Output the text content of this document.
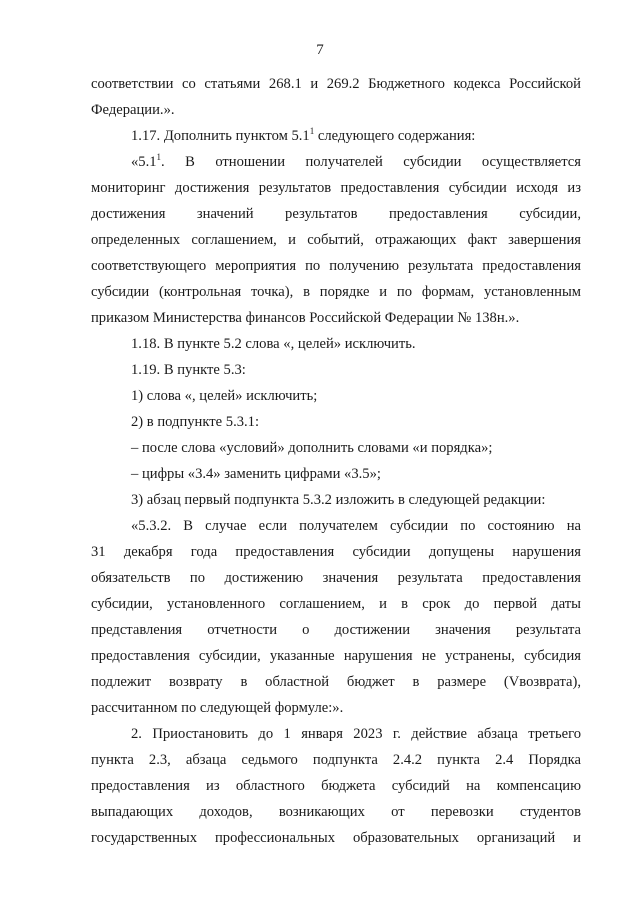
7
соответствии со статьями 268.1 и 269.2 Бюджетного кодекса Российской
Федерации.».
1.17. Дополнить пунктом $5.1^1$ следующего содержания:
«$5.1^1$. В отношении получателей субсидии осуществляется
мониторинг достижения результатов предоставления субсидии исходя из
достижения значений результатов предоставления субсидии,
определенных соглашением, и событий, отражающих факт завершения
соответствующего мероприятия по получению результата предоставления
субсидии (контрольная точка), в порядке и по формам, установленным
приказом Министерства финансов Российской Федерации № 138н.».
1.18. В пункте 5.2 слова «, целей» исключить.
1.19. В пункте 5.3:
1) слова «, целей» исключить;
2) в подпункте 5.3.1:
– после слова «условий» дополнить словами «и порядка»;
– цифры «3.4» заменить цифрами «3.5»;
3) абзац первый подпункта 5.3.2 изложить в следующей редакции:
«5.3.2. В случае если получателем субсидии по состоянию на
31 декабря года предоставления субсидии допущены нарушения
обязательств по достижению значения результата предоставления
субсидии, установленного соглашением, и в срок до первой даты
представления отчетности о достижении значения результата
предоставления субсидии, указанные нарушения не устранены, субсидия
подлежит возврату в областной бюджет в размере (Vвозврата),
рассчитанном по следующей формуле:».
2. Приостановить до 1 января 2023 г. действие абзаца третьего
пункта 2.3, абзаца седьмого подпункта 2.4.2 пункта 2.4 Порядка
предоставления из областного бюджета субсидий на компенсацию
выпадающих доходов, возникающих от перевозки студентов
государственных профессиональных образовательных организаций и
